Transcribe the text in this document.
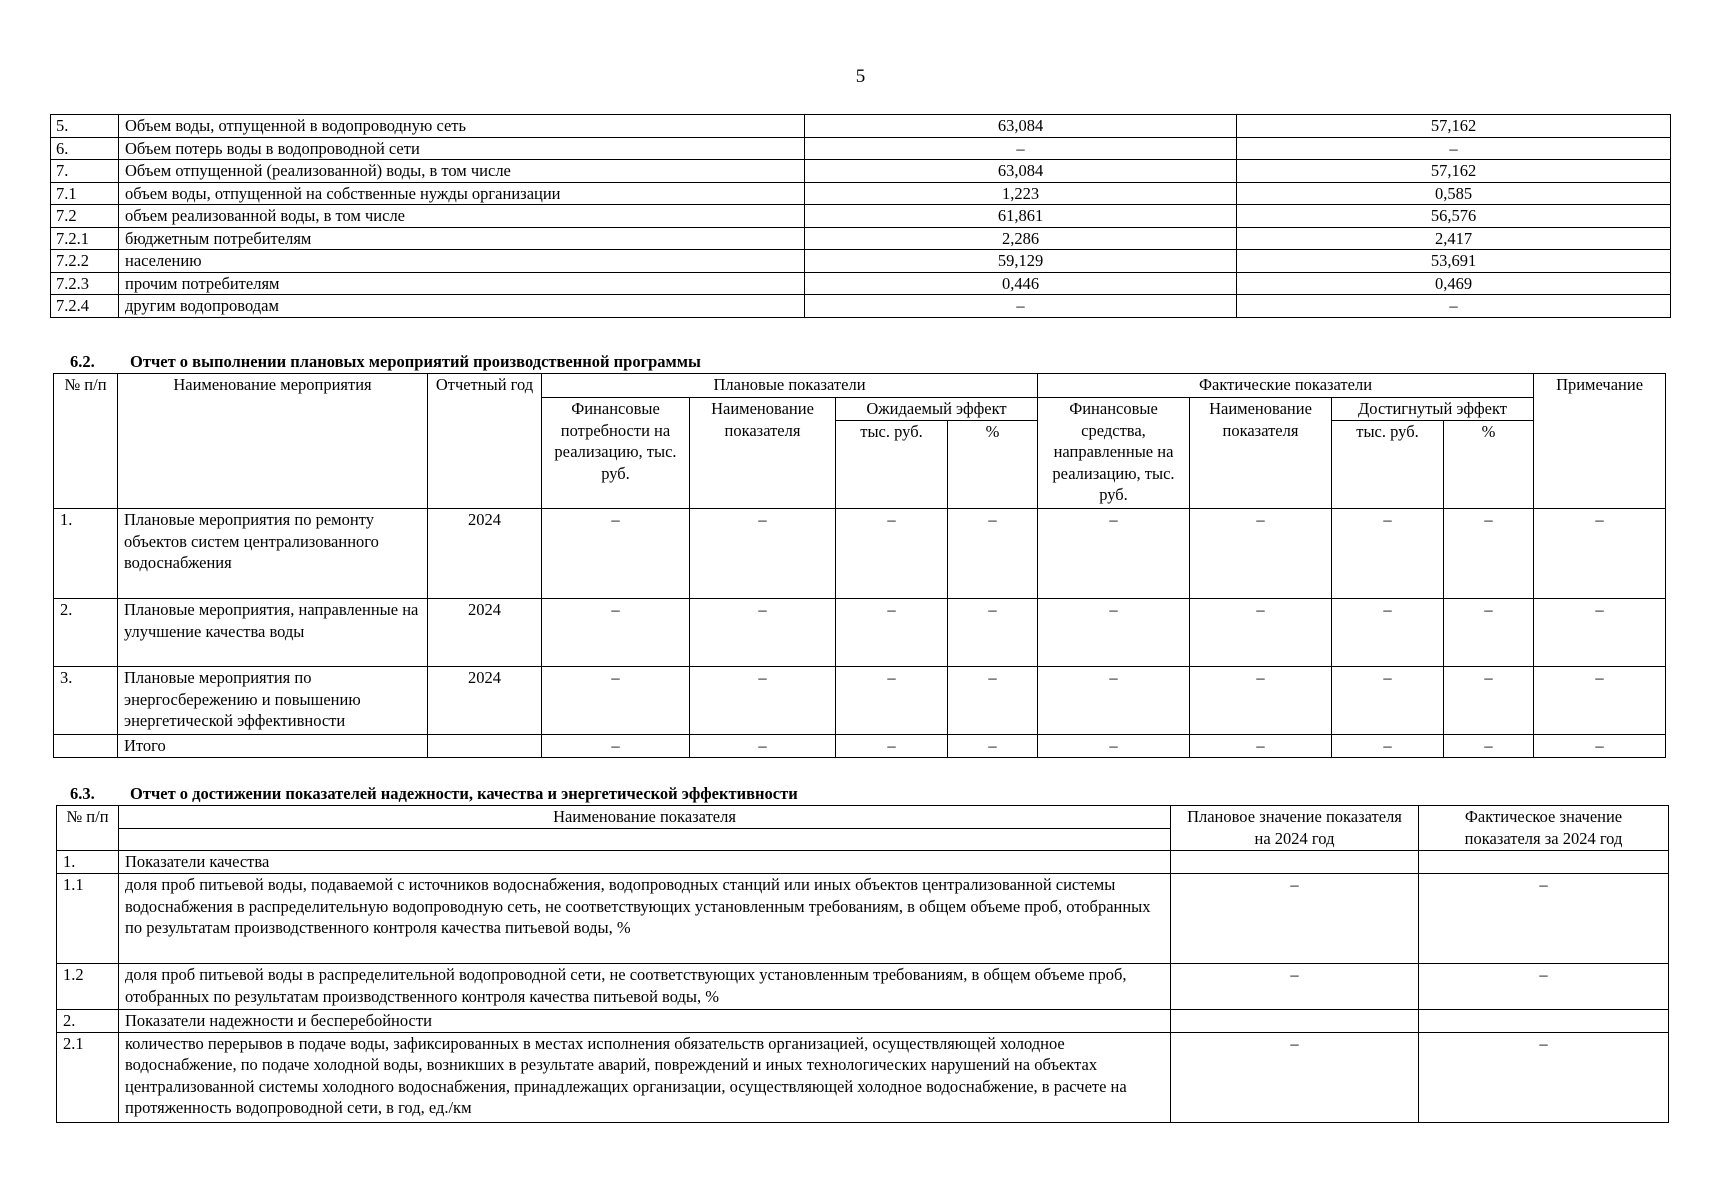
5
5.	Объем воды, отпущенной в водопроводную сеть	63,084	57,162
6.	Объем потерь воды в водопроводной сети	–	–
7.	Объем отпущенной (реализованной) воды, в том числе	63,084	57,162
7.1	объем воды, отпущенной на собственные нужды организации	1,223	0,585
7.2	объем реализованной воды, в том числе	61,861	56,576
7.2.1	бюджетным потребителям	2,286	2,417
7.2.2	населению	59,129	53,691
7.2.3	прочим потребителям	0,446	0,469
7.2.4	другим водопроводам	–	–
6.2. Отчет о выполнении плановых мероприятий производственной программы
№ п/п	Наименование мероприятия	Отчетный год	Плановые показатели				Фактические показатели				Примечание
			Финансовые потребности на реализацию, тыс. руб.	Наименование показателя	Ожидаемый эффект		Финансовые средства, направленные на реализацию, тыс. руб.	Наименование показателя	Достигнутый эффект		
					тыс. руб.	%			тыс. руб.	%	
1.	Плановые мероприятия по ремонту объектов систем централизованного водоснабжения	2024	–	–	–	–	–	–	–	–	–
2.	Плановые мероприятия, направленные на улучшение качества воды	2024	–	–	–	–	–	–	–	–	–
3.	Плановые мероприятия по энергосбережению и повышению энергетической эффективности	2024	–	–	–	–	–	–	–	–	–
	Итого		–	–	–	–	–	–	–	–	–
6.3. Отчет о достижении показателей надежности, качества и энергетической эффективности
№ п/п	Наименование показателя	Плановое значение показателя на 2024 год	Фактическое значение показателя за 2024 год

1.	Показатели качества		
1.1	доля проб питьевой воды, подаваемой с источников водоснабжения, водопроводных станций или иных объектов централизованной системы водоснабжения в распределительную водопроводную сеть, не соответствующих установленным требованиям, в общем объеме проб, отобранных по результатам производственного контроля качества питьевой воды, %	–	–
1.2	доля проб питьевой воды в распределительной водопроводной сети, не соответствующих установленным требованиям, в общем объеме проб, отобранных по результатам производственного контроля качества питьевой воды, %	–	–
2.	Показатели надежности и бесперебойности		
2.1	количество перерывов в подаче воды, зафиксированных в местах исполнения обязательств организацией, осуществляющей холодное водоснабжение, по подаче холодной воды, возникших в результате аварий, повреждений и иных технологических нарушений на объектах централизованной системы холодного водоснабжения, принадлежащих организации, осуществляющей холодное водоснабжение, в расчете на протяженность водопроводной сети, в год, ед./км	–	–
